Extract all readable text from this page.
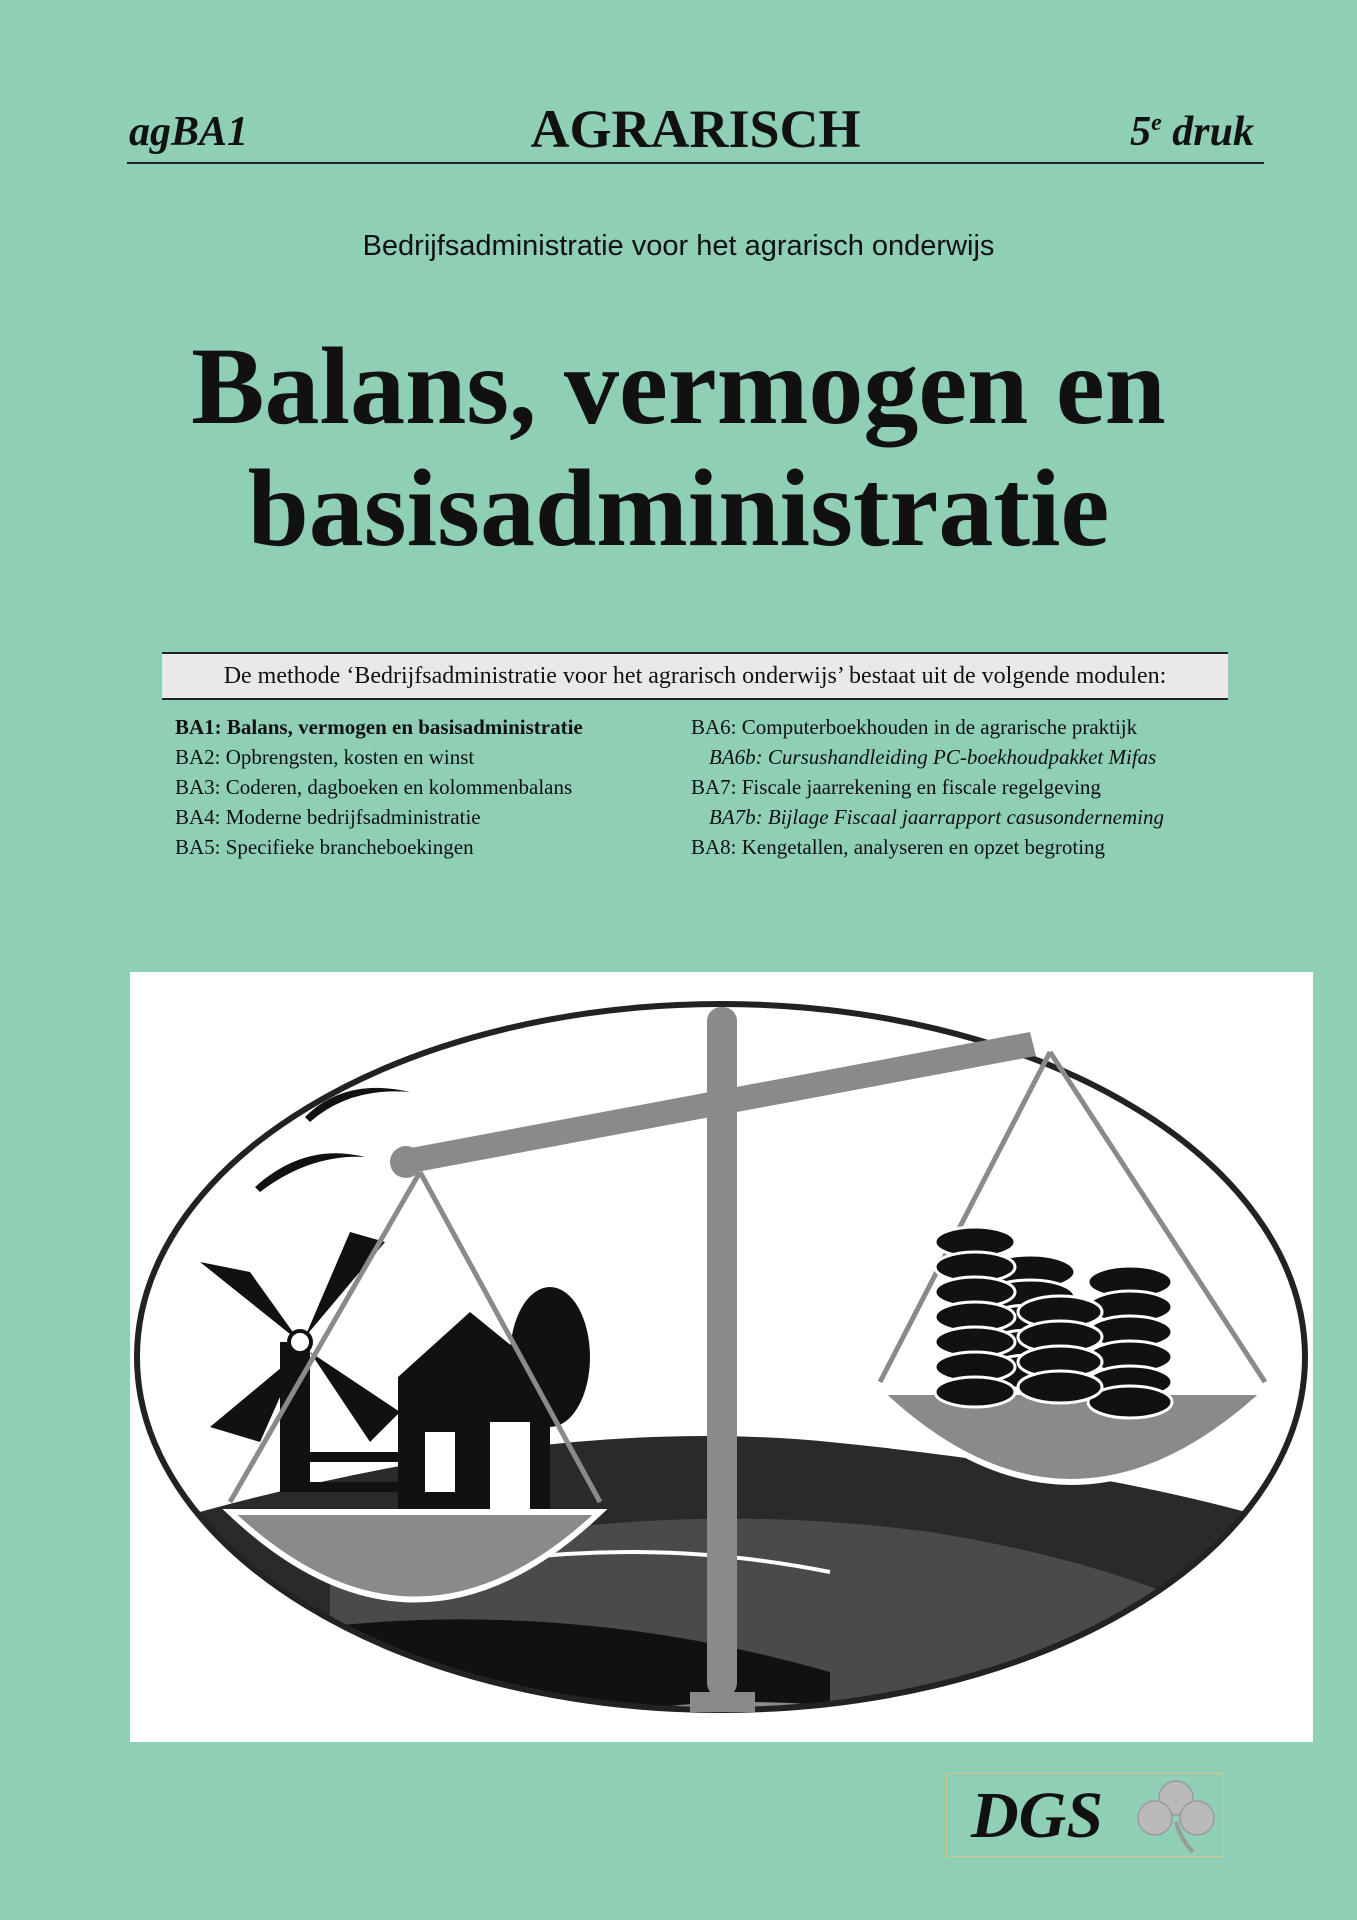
agBA1	AGRARISCH	5e druk
Bedrijfsadministratie voor het agrarisch onderwijs
Balans, vermogen en
basisadministratie
De methode ‘Bedrijfsadministratie voor het agrarisch onderwijs’ bestaat uit de volgende modulen:
BA1: Balans, vermogen en basisadministratie
BA2: Opbrengsten, kosten en winst
BA3: Coderen, dagboeken en kolommenbalans
BA4: Moderne bedrijfsadministratie
BA5: Specifieke brancheboekingen
BA6: Computerboekhouden in de agrarische praktijk
BA6b: Cursushandleiding PC-boekhoudpakket Mifas
BA7: Fiscale jaarrekening en fiscale regelgeving
BA7b: Bijlage Fiscaal jaarrapport casusonderneming
BA8: Kengetallen, analyseren en opzet begroting
DGS
